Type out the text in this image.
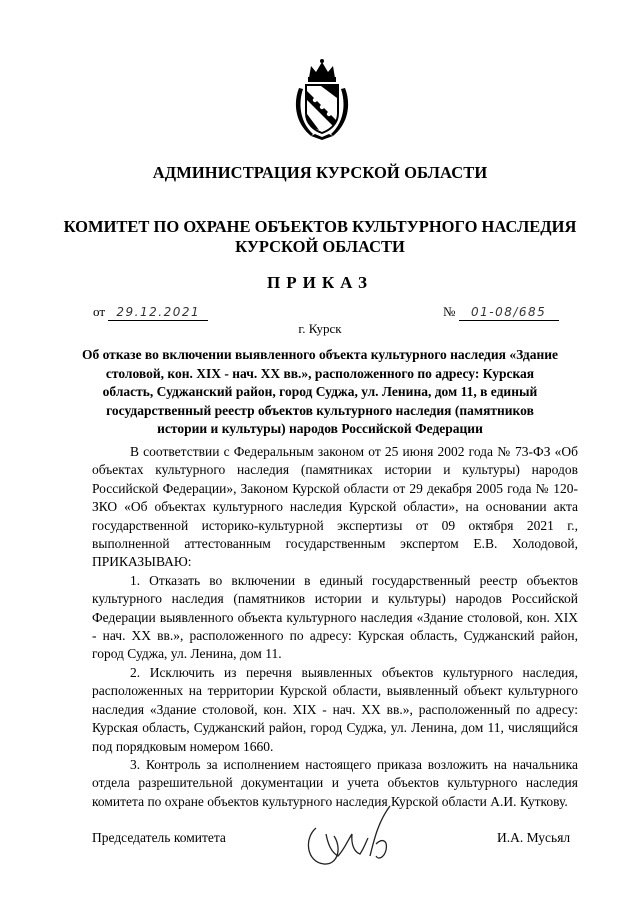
АДМИНИСТРАЦИЯ КУРСКОЙ ОБЛАСТИ
КОМИТЕТ ПО ОХРАНЕ ОБЪЕКТОВ КУЛЬТУРНОГО НАСЛЕДИЯ
КУРСКОЙ ОБЛАСТИ
ПРИКАЗ
от 29.12.2021	№ 01-08/685
г. Курск
Об отказе во включении выявленного объекта культурного наследия «Здание столовой, кон. XIX - нач. XX вв.», расположенного по адресу: Курская область, Суджанский район, город Суджа, ул. Ленина, дом 11, в единый государственный реестр объектов культурного наследия (памятников истории и культуры) народов Российской Федерации

В соответствии с Федеральным законом от 25 июня 2002 года № 73-ФЗ «Об объектах культурного наследия (памятниках истории и культуры) народов Российской Федерации», Законом Курской области от 29 декабря 2005 года № 120-ЗКО «Об объектах культурного наследия Курской области», на основании акта государственной историко-культурной экспертизы от 09 октября 2021 г., выполненной аттестованным государственным экспертом Е.В. Холодовой, ПРИКАЗЫВАЮ:

1. Отказать во включении в единый государственный реестр объектов культурного наследия (памятников истории и культуры) народов Российской Федерации выявленного объекта культурного наследия «Здание столовой, кон. XIX - нач. XX вв.», расположенного по адресу: Курская область, Суджанский район, город Суджа, ул. Ленина, дом 11.

2. Исключить из перечня выявленных объектов культурного наследия, расположенных на территории Курской области, выявленный объект культурного наследия «Здание столовой, кон. XIX - нач. XX вв.», расположенный по адресу: Курская область, Суджанский район, город Суджа, ул. Ленина, дом 11, числящийся под порядковым номером 1660.

3. Контроль за исполнением настоящего приказа возложить на начальника отдела разрешительной документации и учета объектов культурного наследия комитета по охране объектов культурного наследия Курской области А.И. Куткову.

Председатель комитета	И.А. Мусьял
